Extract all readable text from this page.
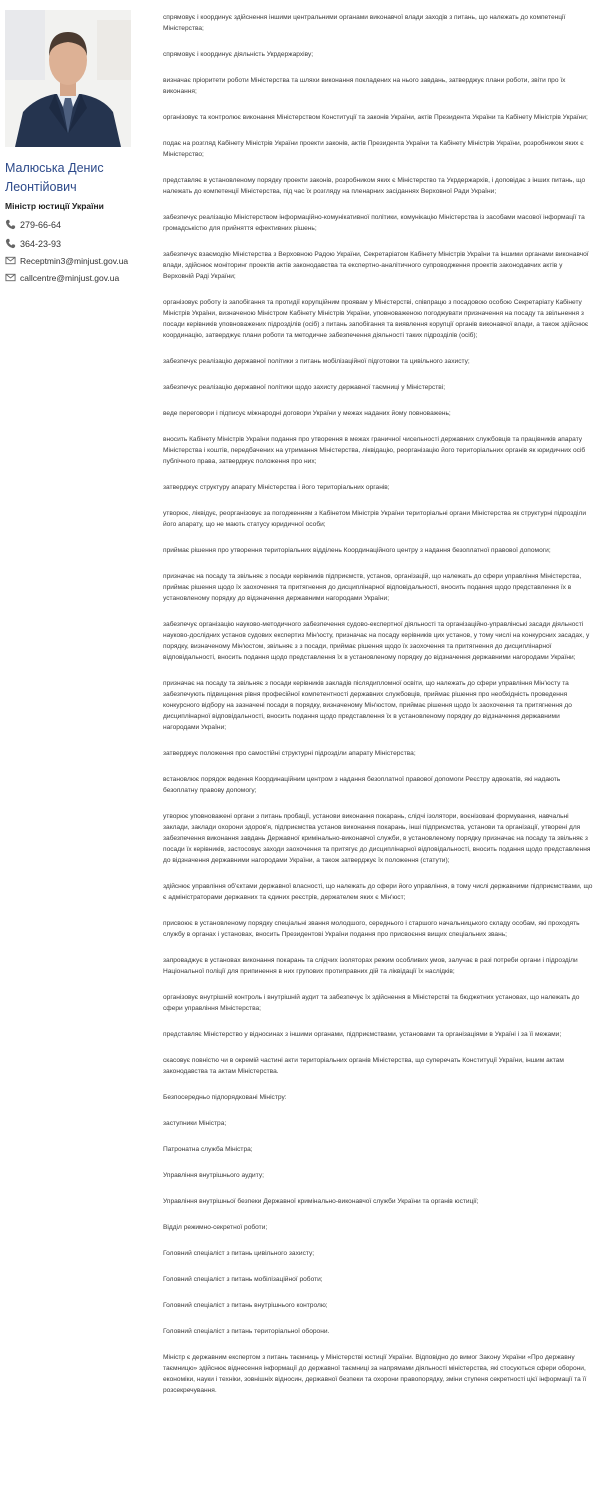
Малюська Денис
Леонтійович
Міністр юстиції України
279-66-64
364-23-93
Receptmin3@minjust.gov.ua
callcentre@minjust.gov.ua

спрямовує і координує здійснення іншими центральними органами виконавчої влади заходів з питань, що належать до компетенції Міністерства;

спрямовує і координує діяльність Укрдержархіву;

визначає пріоритети роботи Міністерства та шляхи виконання покладених на нього завдань, затверджує плани роботи, звіти про їх виконання;

організовує та контролює виконання Міністерством Конституції та законів України, актів Президента України та Кабінету Міністрів України;

подає на розгляд Кабінету Міністрів України проекти законів, актів Президента України та Кабінету Міністрів України, розробником яких є Міністерство;

представляє в установленому порядку проекти законів, розробником яких є Міністерство та Укрдержархів, і доповідає з інших питань, що належать до компетенції Міністерства, під час їх розгляду на пленарних засіданнях Верховної Ради України;

забезпечує реалізацію Міністерством інформаційно-комунікативної політики, комунікацію Міністерства із засобами масової інформації та громадськістю для прийняття ефективних рішень;

забезпечує взаємодію Міністерства з Верховною Радою України, Секретаріатом Кабінету Міністрів України та іншими органами виконавчої влади, здійснює моніторинг проектів актів законодавства та експертно-аналітичного супроводження проектів законодавчих актів у Верховній Раді України;

організовує роботу із запобігання та протидії корупційним проявам у Міністерстві, співпрацю з посадовою особою Секретаріату Кабінету Міністрів України, визначеною Міністром Кабінету Міністрів України, уповноваженою погоджувати призначення на посаду та звільнення з посади керівників уповноважених підрозділів (осіб) з питань запобігання та виявлення корупції органів виконавчої влади, а також здійснює координацію, затверджує плани роботи та методичне забезпечення діяльності таких підрозділів (осіб);

забезпечує реалізацію державної політики з питань мобілізаційної підготовки та цивільного захисту;

забезпечує реалізацію державної політики щодо захисту державної таємниці у Міністерстві;

веде переговори і підписує міжнародні договори України у межах наданих йому повноважень;

вносить Кабінету Міністрів України подання про утворення в межах граничної чисельності державних службовців та працівників апарату Міністерства і коштів, передбачених на утримання Міністерства, ліквідацію, реорганізацію його територіальних органів як юридичних осіб публічного права, затверджує положення про них;

затверджує структуру апарату Міністерства і його територіальних органів;

утворює, ліквідує, реорганізовує за погодженням з Кабінетом Міністрів України територіальні органи Міністерства як структурні підрозділи його апарату, що не мають статусу юридичної особи;

приймає рішення про утворення територіальних відділень Координаційного центру з надання безоплатної правової допомоги;

призначає на посаду та звільняє з посади керівників підприємств, установ, організацій, що належать до сфери управління Міністерства, приймає рішення щодо їх заохочення та притягнення до дисциплінарної відповідальності, вносить подання щодо представлення їх в установленому порядку до відзначення державними нагородами України;

забезпечує організацію науково-методичного забезпечення судово-експертної діяльності та організаційно-управлінські засади діяльності науково-дослідних установ судових експертиз Мін'юсту, призначає на посаду керівників цих установ, у тому числі на конкурсних засадах, у порядку, визначеному Мін'юстом, звільняє з з посади, приймає рішення щодо їх заохочення та притягнення до дисциплінарної відповідальності, вносить подання щодо представлення їх в установленому порядку до відзначення державними нагородами України;

призначає на посаду та звільняє з посади керівників закладів післядипломної освіти, що належать до сфери управління Мін'юсту та забезпечують підвищення рівня професійної компетентності державних службовців, приймає рішення про необхідність проведення конкурсного відбору на зазначені посади в порядку, визначеному Мін'юстом, приймає рішення щодо їх заохочення та притягнення до дисциплінарної відповідальності, вносить подання щодо представлення їх в установленому порядку до відзначення державними нагородами України;

затверджує положення про самостійні структурні підрозділи апарату Міністерства;

встановлює порядок ведення Координаційним центром з надання безоплатної правової допомоги Реєстру адвокатів, які надають безоплатну правову допомогу;

утворює уповноважені органи з питань пробації, установи виконання покарань, слідчі ізолятори, воєнізовані формування, навчальні заклади, заклади охорони здоров'я, підприємства установ виконання покарань, інші підприємства, установи та організації, утворені для забезпечення виконання завдань Державної кримінально-виконавчої служби, в установленому порядку призначає на посаду та звільняє з посади їх керівників, застосовує заходи заохочення та притягує до дисциплінарної відповідальності, вносить подання щодо представлення до відзначення державними нагородами України, а також затверджує їх положення (статути);

здійснює управління об'єктами державної власності, що належать до сфери його управління, в тому числі державними підприємствами, що є адміністраторами державних та єдиних реєстрів, держателем яких є Мін'юст;

присвоює в установленому порядку спеціальні звання молодшого, середнього і старшого начальницького складу особам, які проходять службу в органах і установах, вносить Президентові України подання про присвоєння вищих спеціальних звань;

запроваджує в установах виконання покарань та слідчих ізоляторах режим особливих умов, залучає в разі потреби органи і підрозділи Національної поліції для припинення в них групових протиправних дій та ліквідації їх наслідків;

організовує внутрішній контроль і внутрішній аудит та забезпечує їх здійснення в Міністерстві та бюджетних установах, що належать до сфери управління Міністерства;

представляє Міністерство у відносинах з іншими органами, підприємствами, установами та організаціями в Україні і за її межами;

скасовує повністю чи в окремій частині акти територіальних органів Міністерства, що суперечать Конституції України, іншим актам законодавства та актам Міністерства.

Безпосередньо підпорядковані Міністру:

заступники Міністра;

Патронатна служба Міністра;

Управління внутрішнього аудиту;

Управління внутрішньої безпеки Державної кримінально-виконавчої служби України та органів юстиції;

Відділ режимно-секретної роботи;

Головний спеціаліст з питань цивільного захисту;

Головний спеціаліст з питань мобілізаційної роботи;

Головний спеціаліст з питань внутрішнього контролю;

Головний спеціаліст з питань територіальної оборони.

Міністр є державним експертом з питань таємниць у Міністерстві юстиції України. Відповідно до вимог Закону України «Про державну таємницю» здійснює віднесення інформації до державної таємниці за напрямами діяльності міністерства, які стосуються сфери оборони, економіки, науки і техніки, зовнішніх відносин, державної безпеки та охорони правопорядку, зміни ступеня секретності цієї інформації та її розсекречування.
